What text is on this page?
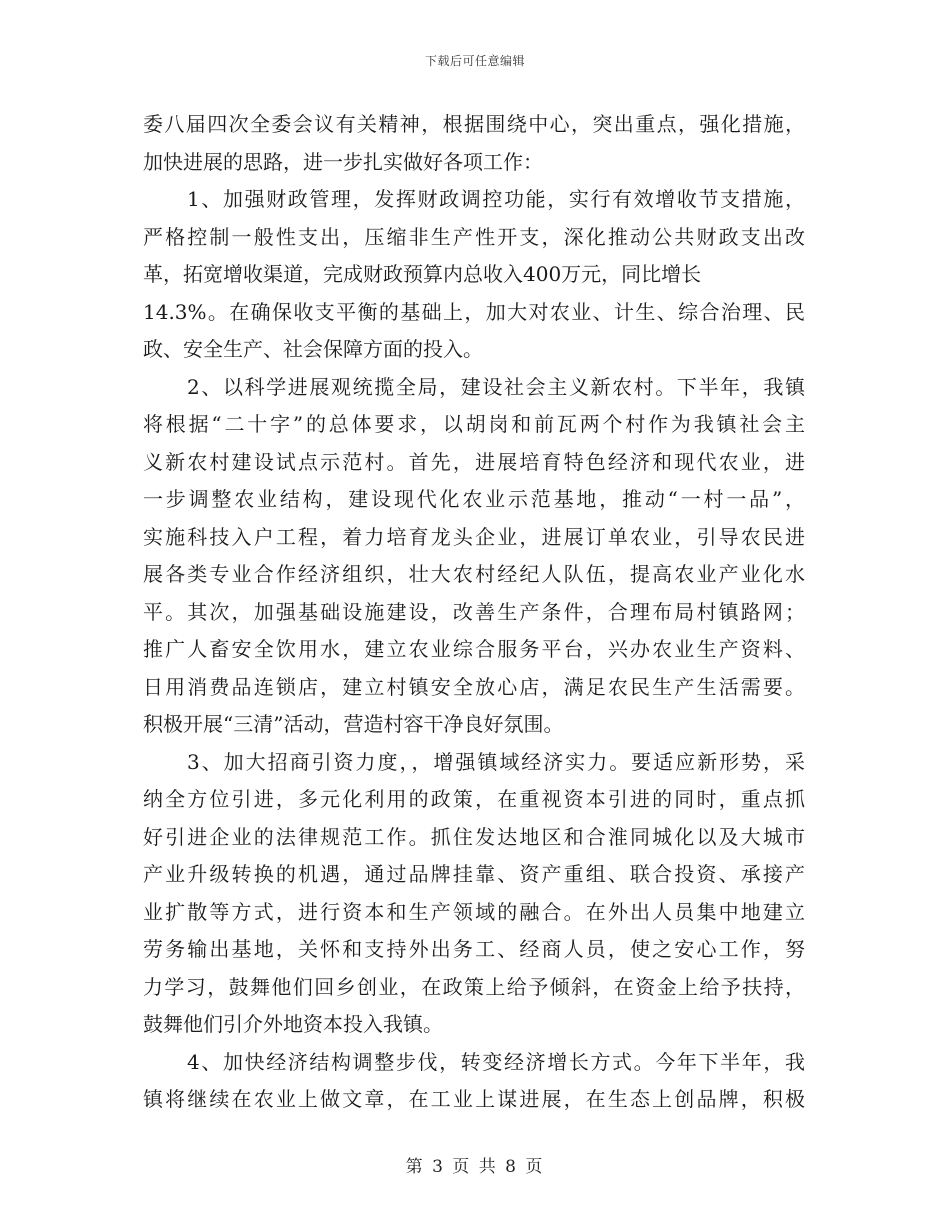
下载后可任意编辑
委八届四次全委会议有关精神，根据围绕中心，突出重点，强化措施，
加快进展的思路，进一步扎实做好各项工作：
1、加强财政管理，发挥财政调控功能，实行有效增收节支措施，
严格控制一般性支出，压缩非生产性开支，深化推动公共财政支出改
革，拓宽增收渠道，完成财政预算内总收入400万元，同比增长
14.3%。在确保收支平衡的基础上，加大对农业、计生、综合治理、民
政、安全生产、社会保障方面的投入。
2、以科学进展观统揽全局，建设社会主义新农村。下半年，我镇
将根据“二十字”的总体要求，以胡岗和前瓦两个村作为我镇社会主
义新农村建设试点示范村。首先，进展培育特色经济和现代农业，进
一步调整农业结构，建设现代化农业示范基地，推动“一村一品”，
实施科技入户工程，着力培育龙头企业，进展订单农业，引导农民进
展各类专业合作经济组织，壮大农村经纪人队伍，提高农业产业化水
平。其次，加强基础设施建设，改善生产条件，合理布局村镇路网；
推广人畜安全饮用水，建立农业综合服务平台，兴办农业生产资料、
日用消费品连锁店，建立村镇安全放心店，满足农民生产生活需要。
积极开展“三清”活动，营造村容干净良好氛围。
3、加大招商引资力度，，增强镇域经济实力。要适应新形势，采
纳全方位引进，多元化利用的政策，在重视资本引进的同时，重点抓
好引进企业的法律规范工作。抓住发达地区和合淮同城化以及大城市
产业升级转换的机遇，通过品牌挂靠、资产重组、联合投资、承接产
业扩散等方式，进行资本和生产领域的融合。在外出人员集中地建立
劳务输出基地，关怀和支持外出务工、经商人员，使之安心工作，努
力学习，鼓舞他们回乡创业，在政策上给予倾斜，在资金上给予扶持，
鼓舞他们引介外地资本投入我镇。
4、加快经济结构调整步伐，转变经济增长方式。今年下半年，我
镇将继续在农业上做文章，在工业上谋进展，在生态上创品牌，积极
第 3 页 共 8 页
